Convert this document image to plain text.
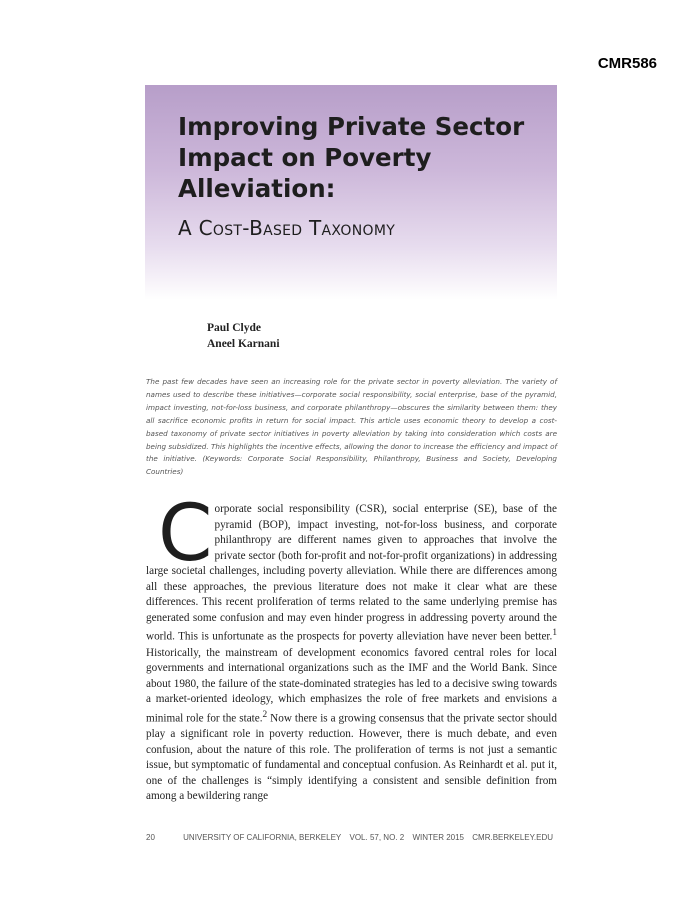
CMR586
Improving Private Sector Impact on Poverty Alleviation:
A Cost-Based Taxonomy
Paul Clyde
Aneel Karnani

The past few decades have seen an increasing role for the private sector in poverty alleviation. The variety of names used to describe these initiatives—corporate social responsibility, social enterprise, base of the pyramid, impact investing, not-for-loss business, and corporate philanthropy—obscures the similarity between them: they all sacrifice economic profits in return for social impact. This article uses economic theory to develop a cost-based taxonomy of private sector initiatives in poverty alleviation by taking into consideration which costs are being subsidized. This highlights the incentive effects, allowing the donor to increase the efficiency and impact of the initiative. (Keywords: Corporate Social Responsibility, Philanthropy, Business and Society, Developing Countries)

Corporate social responsibility (CSR), social enterprise (SE), base of the pyramid (BOP), impact investing, not-for-loss business, and corporate philanthropy are different names given to approaches that involve the private sector (both for-profit and not-for-profit organizations) in addressing large societal challenges, including poverty alleviation. While there are differences among all these approaches, the previous literature does not make it clear what are these differences. This recent proliferation of terms related to the same underlying premise has generated some confusion and may even hinder progress in addressing poverty around the world. This is unfortunate as the prospects for poverty alleviation have never been better.$^1$ Historically, the mainstream of development economics favored central roles for local governments and international organizations such as the IMF and the World Bank. Since about 1980, the failure of the state-dominated strategies has led to a decisive swing towards a market-oriented ideology, which emphasizes the role of free markets and envisions a minimal role for the state.$^2$ Now there is a growing consensus that the private sector should play a significant role in poverty reduction. However, there is much debate, and even confusion, about the nature of this role. The proliferation of terms is not just a semantic issue, but symptomatic of fundamental and conceptual confusion. As Reinhardt et al. put it, one of the challenges is “simply identifying a consistent and sensible definition from among a bewildering range

20	UNIVERSITY OF CALIFORNIA, BERKELEY VOL. 57, NO. 2 WINTER 2015 CMR.BERKELEY.EDU
